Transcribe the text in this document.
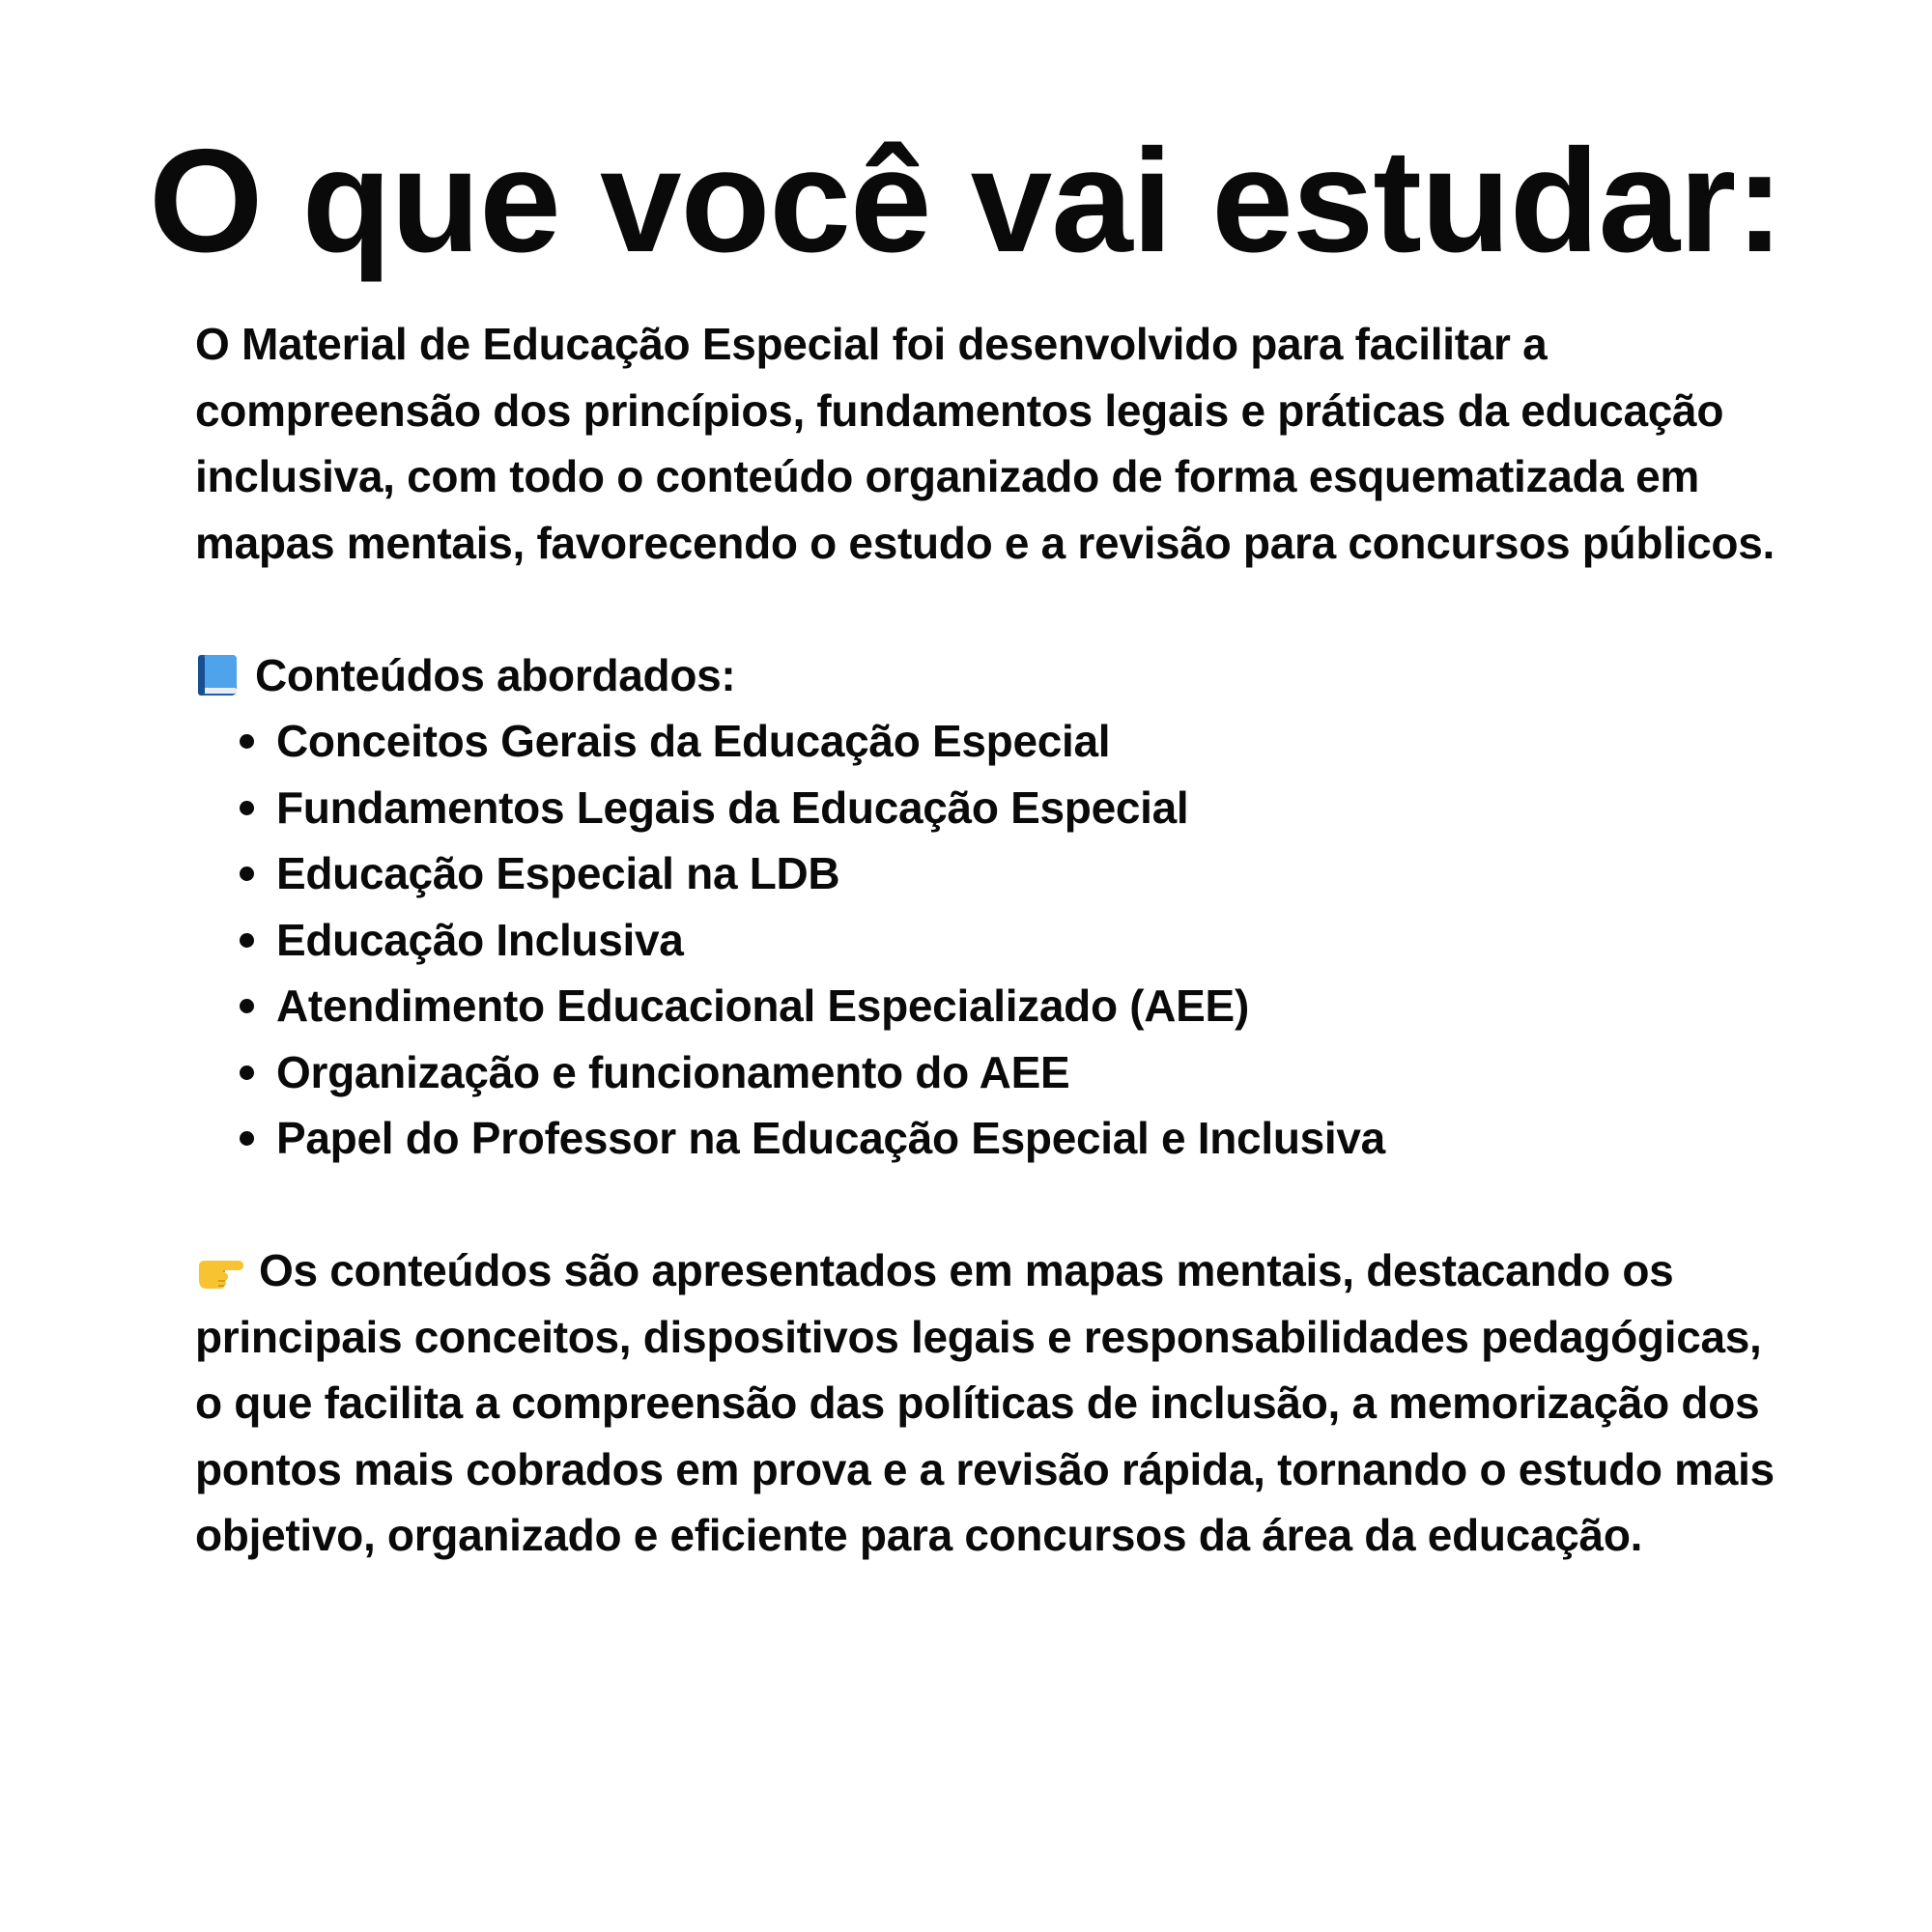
O que você vai estudar:

O Material de Educação Especial foi desenvolvido para facilitar a compreensão dos princípios, fundamentos legais e práticas da educação inclusiva, com todo o conteúdo organizado de forma esquematizada em mapas mentais, favorecendo o estudo e a revisão para concursos públicos.

Conteúdos abordados:

Conceitos Gerais da Educação Especial
Fundamentos Legais da Educação Especial
Educação Especial na LDB
Educação Inclusiva
Atendimento Educacional Especializado (AEE)
Organização e funcionamento do AEE
Papel do Professor na Educação Especial e Inclusiva

Os conteúdos são apresentados em mapas mentais, destacando os principais conceitos, dispositivos legais e responsabilidades pedagógicas, o que facilita a compreensão das políticas de inclusão, a memorização dos pontos mais cobrados em prova e a revisão rápida, tornando o estudo mais objetivo, organizado e eficiente para concursos da área da educação.
